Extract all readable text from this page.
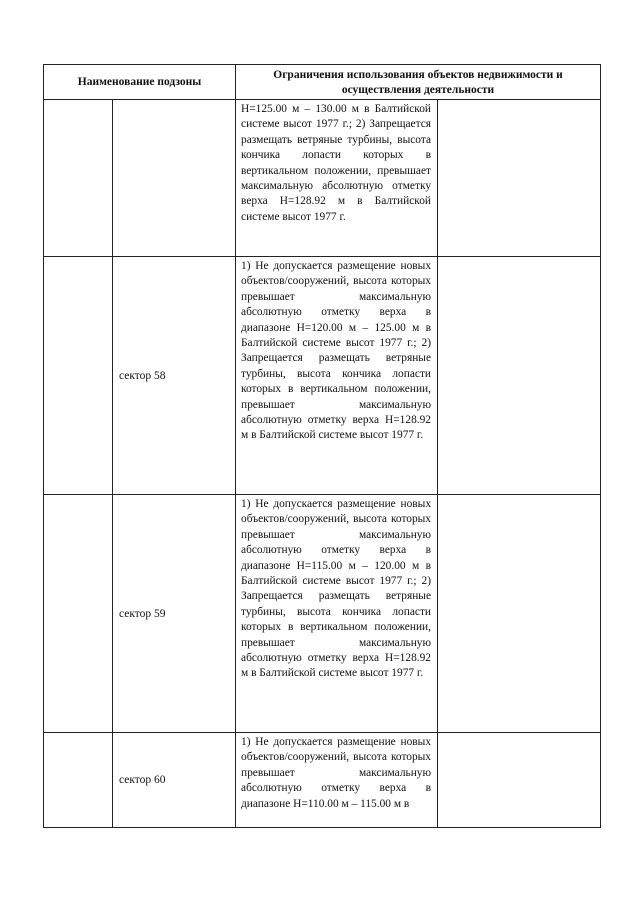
Наименование подзоны		Ограничения использования объектов недвижимости и осуществления деятельности	
		H=125.00 м – 130.00 м в Балтийской системе высот 1977 г.; 2) Запрещается размещать ветряные турбины, высота кончика лопасти которых в вертикальном положении, превышает максимальную абсолютную отметку верха H=128.92 м в Балтийской системе высот 1977 г.	
	сектор 58	1) Не допускается размещение новых объектов/сооружений, высота которых превышает максимальную абсолютную отметку верха в диапазоне H=120.00 м – 125.00 м в Балтийской системе высот 1977 г.; 2) Запрещается размещать ветряные турбины, высота кончика лопасти которых в вертикальном положении, превышает максимальную абсолютную отметку верха H=128.92 м в Балтийской системе высот 1977 г.	
	сектор 59	1) Не допускается размещение новых объектов/сооружений, высота которых превышает максимальную абсолютную отметку верха в диапазоне H=115.00 м – 120.00 м в Балтийской системе высот 1977 г.; 2) Запрещается размещать ветряные турбины, высота кончика лопасти которых в вертикальном положении, превышает максимальную абсолютную отметку верха H=128.92 м в Балтийской системе высот 1977 г.	
	сектор 60	1) Не допускается размещение новых объектов/сооружений, высота которых превышает максимальную абсолютную отметку верха в диапазоне H=110.00 м – 115.00 м в	
